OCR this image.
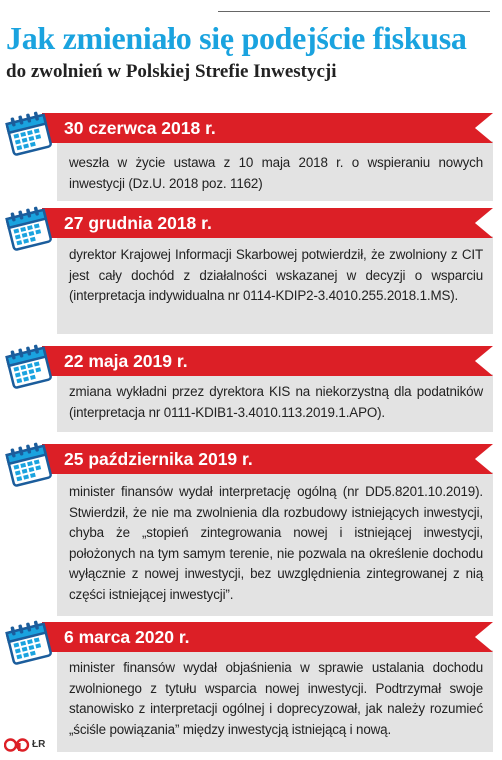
Jak zmieniało się podejście fiskusa
do zwolnień w Polskiej Strefie Inwestycji
30 czerwca 2018 r.

weszła w życie ustawa z 10 maja 2018 r. o wspieraniu nowych inwestycji (Dz.U. 2018 poz. 1162)

27 grudnia 2018 r.

dyrektor Krajowej Informacji Skarbowej potwierdził, że zwolniony z CIT jest cały dochód z działalności wskazanej w decyzji o wsparciu (interpretacja indywidualna nr 0114-KDIP2-3.4010.255.2018.1.MS).

22 maja 2019 r.

zmiana wykładni przez dyrektora KIS na niekorzystną dla podatników (interpretacja nr 0111-KDIB1-3.4010.113.2019.1.APO).

25 października 2019 r.

minister finansów wydał interpretację ogólną (nr DD5.8201.10.2019). Stwierdził, że nie ma zwolnienia dla rozbudowy istniejących inwestycji, chyba że „stopień zintegrowania nowej i istniejącej inwestycji, położonych na tym samym terenie, nie pozwala na określenie dochodu wyłącznie z nowej inwestycji, bez uwzględnienia zintegrowanej z nią części istniejącej inwestycji”.

6 marca 2020 r.

minister finansów wydał objaśnienia w sprawie ustalania dochodu zwolnionego z tytułu wsparcia nowej inwestycji. Podtrzymał swoje stanowisko z interpretacji ogólnej i doprecyzował, jak należy rozumieć „ściśle powiązania” między inwestycją istniejącą i nową.

ŁR
